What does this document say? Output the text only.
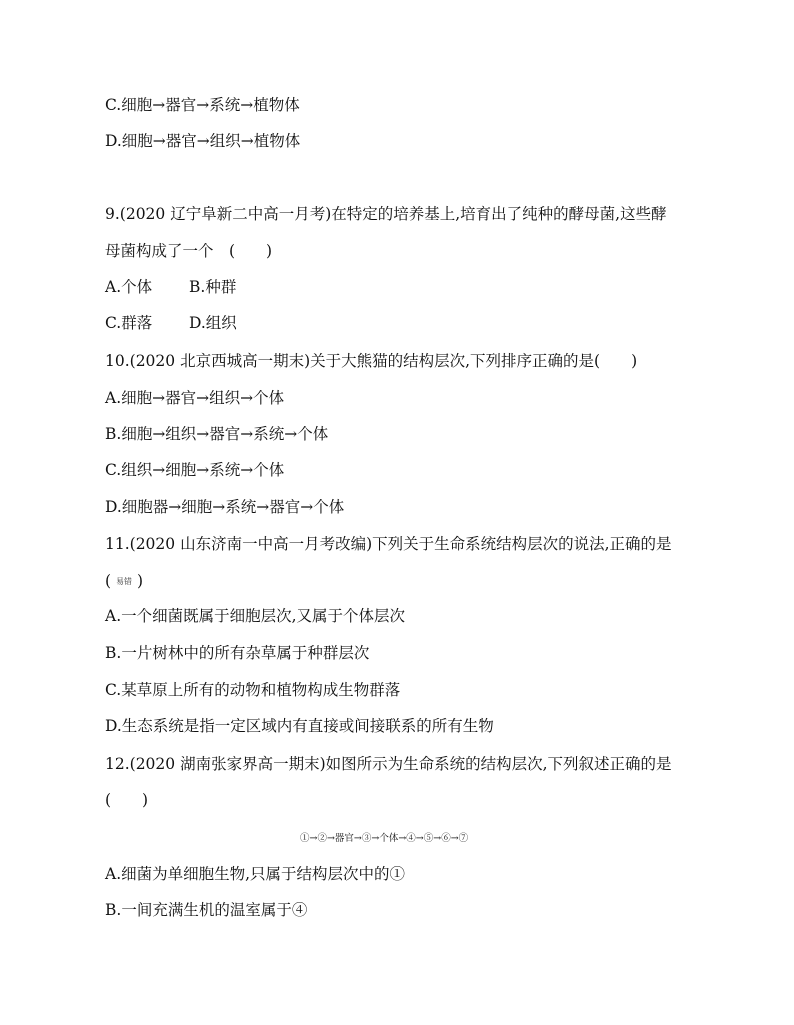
C.细胞→器官→系统→植物体
D.细胞→器官→组织→植物体
9.(2020 辽宁阜新二中高一月考)在特定的培养基上,培育出了纯种的酵母菌,这些酵
母菌构成了一个　(　　)
A.个体 B.种群
C.群落 D.组织
10.(2020 北京西城高一期末)关于大熊猫的结构层次,下列排序正确的是(　　)
A.细胞→器官→组织→个体
B.细胞→组织→器官→系统→个体
C.组织→细胞→系统→个体
D.细胞器→细胞→系统→器官→个体
11.(2020 山东济南一中高一月考改编)下列关于生命系统结构层次的说法,正确的是
( 易错 )
A.一个细菌既属于细胞层次,又属于个体层次
B.一片树林中的所有杂草属于种群层次
C.某草原上所有的动物和植物构成生物群落
D.生态系统是指一定区域内有直接或间接联系的所有生物
12.(2020 湖南张家界高一期末)如图所示为生命系统的结构层次,下列叙述正确的是
(　　)
①→②→器官→③→个体→④→⑤→⑥→⑦
A.细菌为单细胞生物,只属于结构层次中的①
B.一间充满生机的温室属于④
